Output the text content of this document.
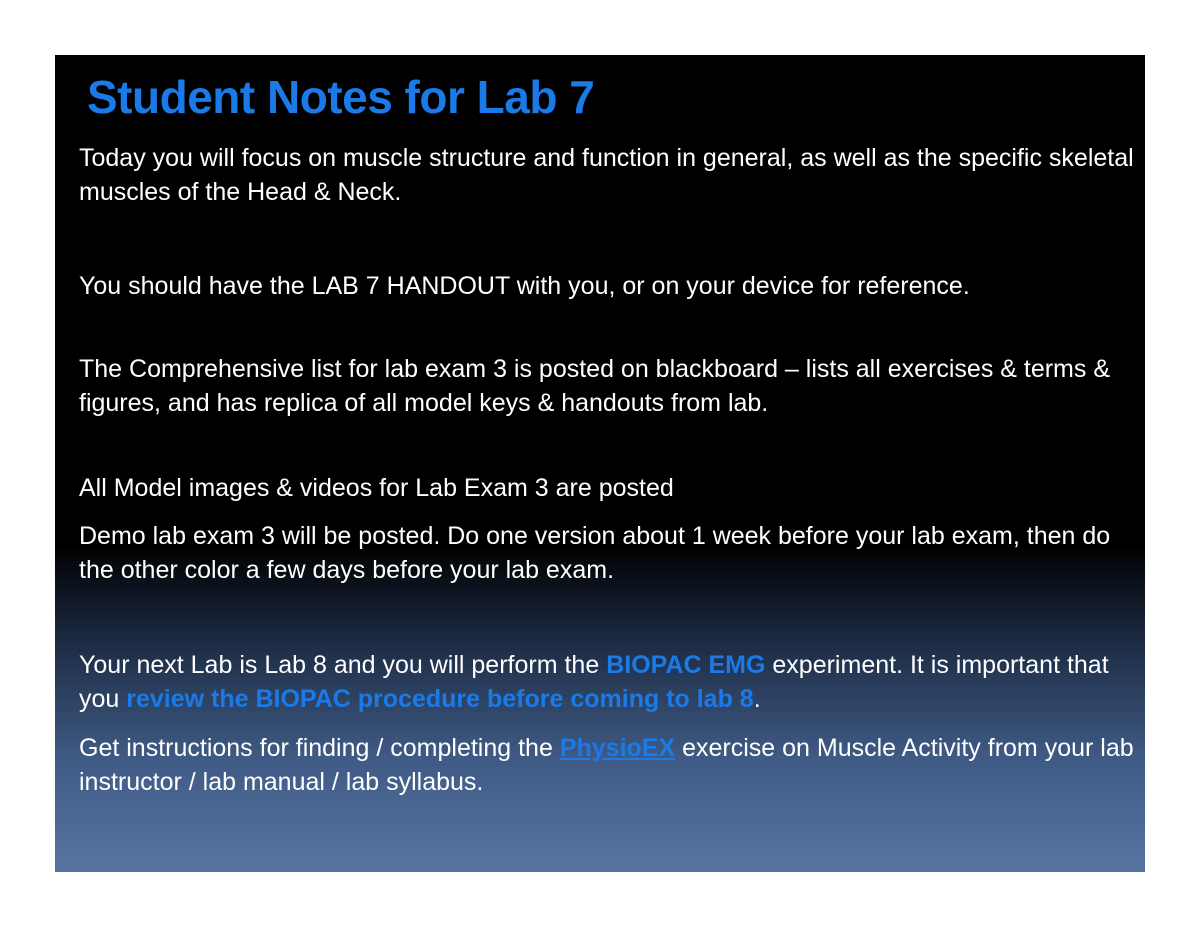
Student Notes for Lab 7

Today you will focus on muscle structure and function in general, as well as the specific skeletal muscles of the Head & Neck.

You should have the LAB 7 HANDOUT with you, or on your device for reference.

The Comprehensive list for lab exam 3 is posted on blackboard – lists all exercises & terms & figures, and has replica of all model keys & handouts from lab.

All Model images & videos for Lab Exam 3 are posted

Demo lab exam 3 will be posted. Do one version about 1 week before your lab exam, then do the other color a few days before your lab exam.

Your next Lab is Lab 8 and you will perform the BIOPAC EMG experiment. It is important that you review the BIOPAC procedure before coming to lab 8.

Get instructions for finding / completing the PhysioEX exercise on Muscle Activity from your lab instructor / lab manual / lab syllabus.
